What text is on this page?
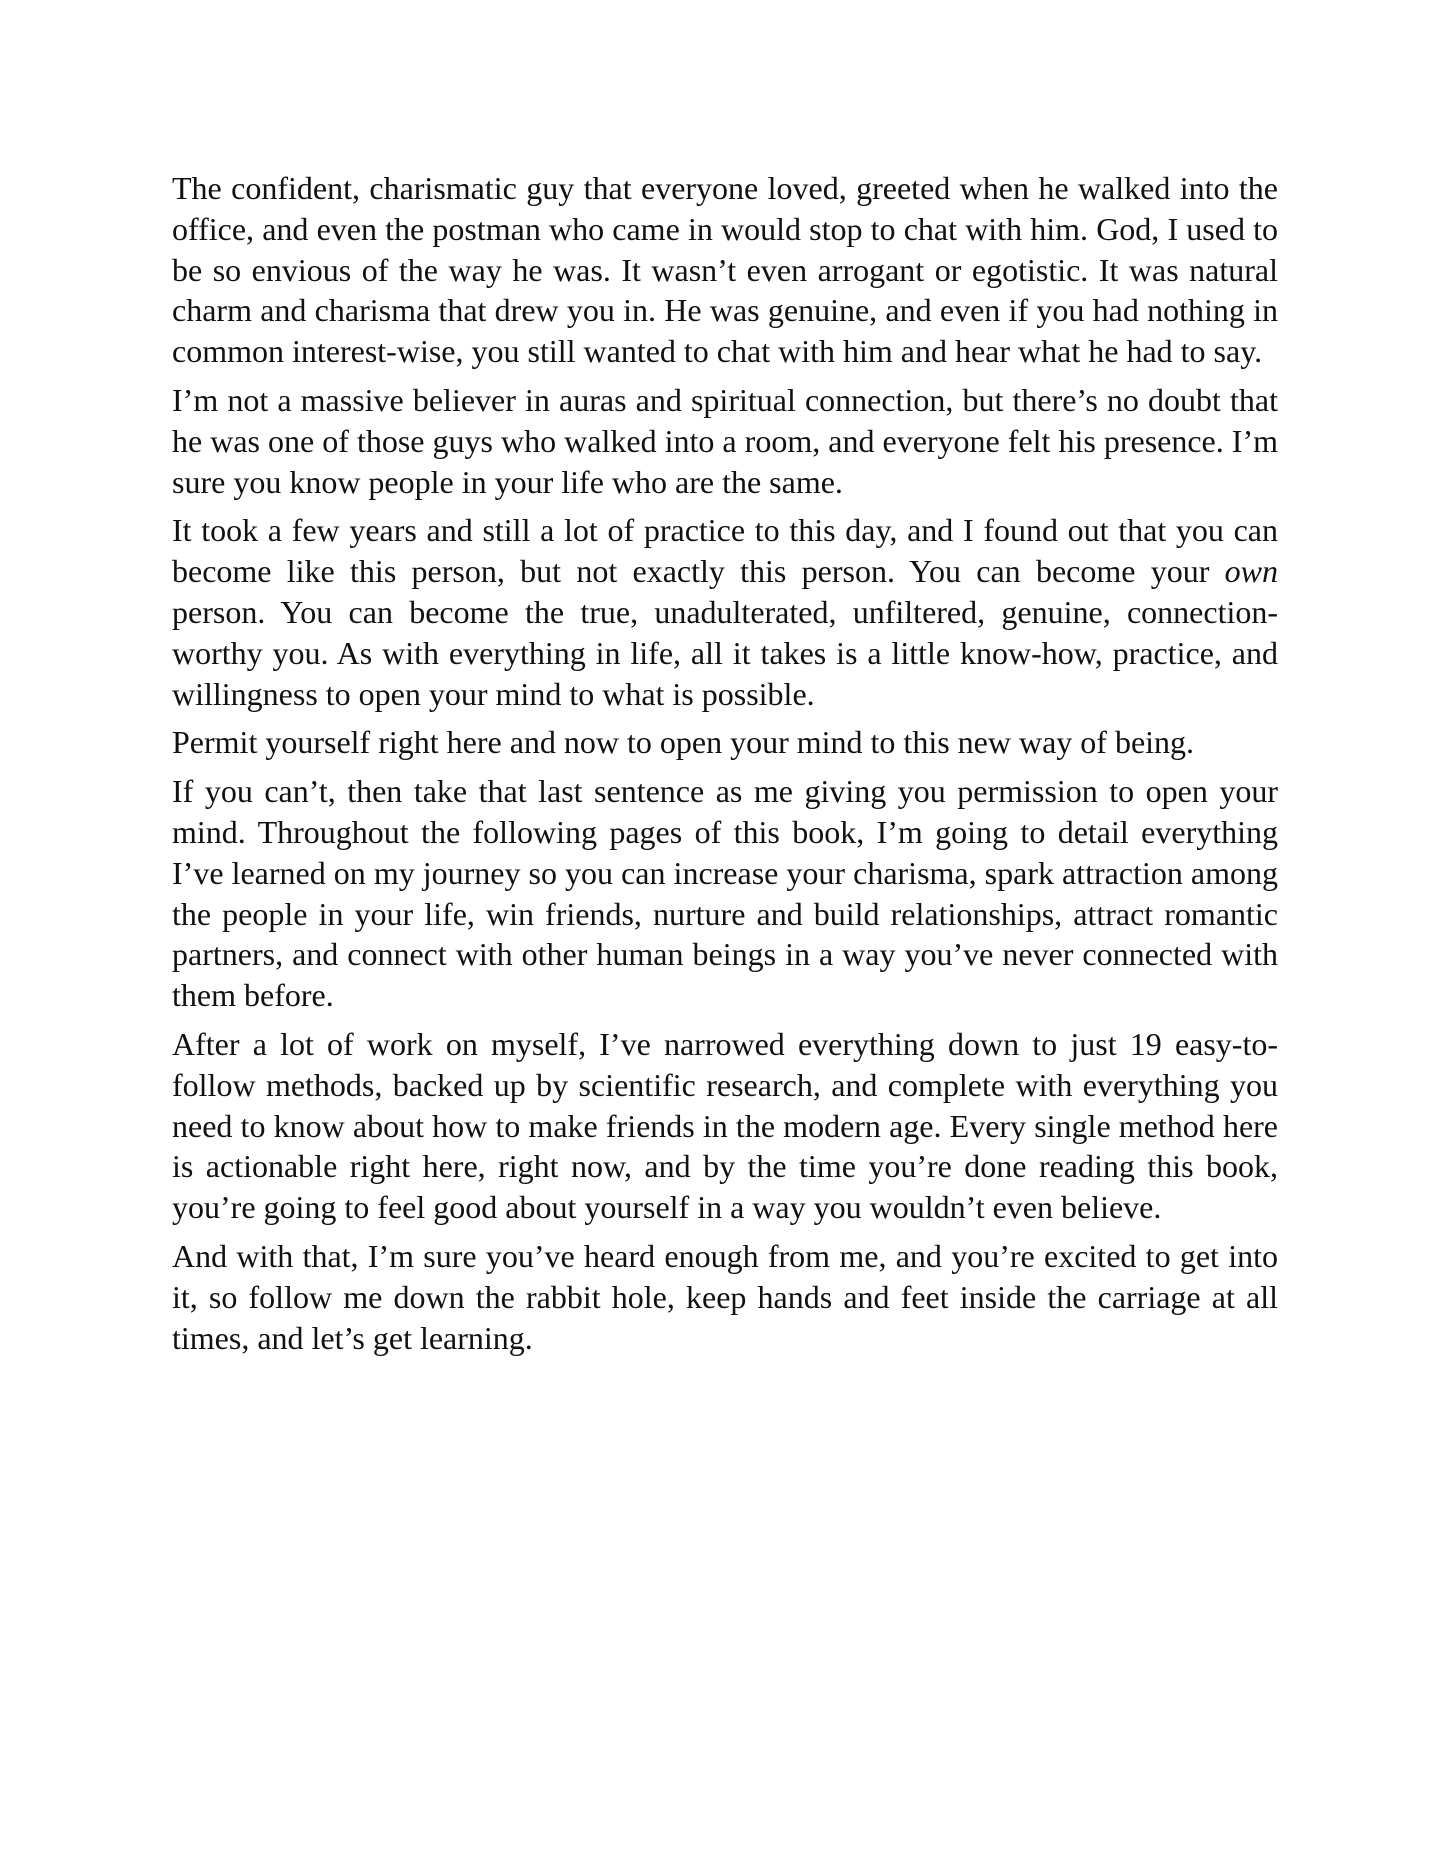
The confident, charismatic guy that everyone loved, greeted when he walked into the office, and even the postman who came in would stop to chat with him. God, I used to be so envious of the way he was. It wasn’t even arrogant or egotistic. It was natural charm and charisma that drew you in. He was genuine, and even if you had nothing in common interest-wise, you still wanted to chat with him and hear what he had to say.

I’m not a massive believer in auras and spiritual connection, but there’s no doubt that he was one of those guys who walked into a room, and everyone felt his presence. I’m sure you know people in your life who are the same.

It took a few years and still a lot of practice to this day, and I found out that you can become like this person, but not exactly this person. You can become your own person. You can become the true, unadulterated, unfiltered, genuine, connection-worthy you. As with everything in life, all it takes is a little know-how, practice, and willingness to open your mind to what is possible.

Permit yourself right here and now to open your mind to this new way of being.

If you can’t, then take that last sentence as me giving you permission to open your mind. Throughout the following pages of this book, I’m going to detail everything I’ve learned on my journey so you can increase your charisma, spark attraction among the people in your life, win friends, nurture and build relationships, attract romantic partners, and connect with other human beings in a way you’ve never connected with them before.

After a lot of work on myself, I’ve narrowed everything down to just 19 easy-to-follow methods, backed up by scientific research, and complete with everything you need to know about how to make friends in the modern age. Every single method here is actionable right here, right now, and by the time you’re done reading this book, you’re going to feel good about yourself in a way you wouldn’t even believe.

And with that, I’m sure you’ve heard enough from me, and you’re excited to get into it, so follow me down the rabbit hole, keep hands and feet inside the carriage at all times, and let’s get learning.
